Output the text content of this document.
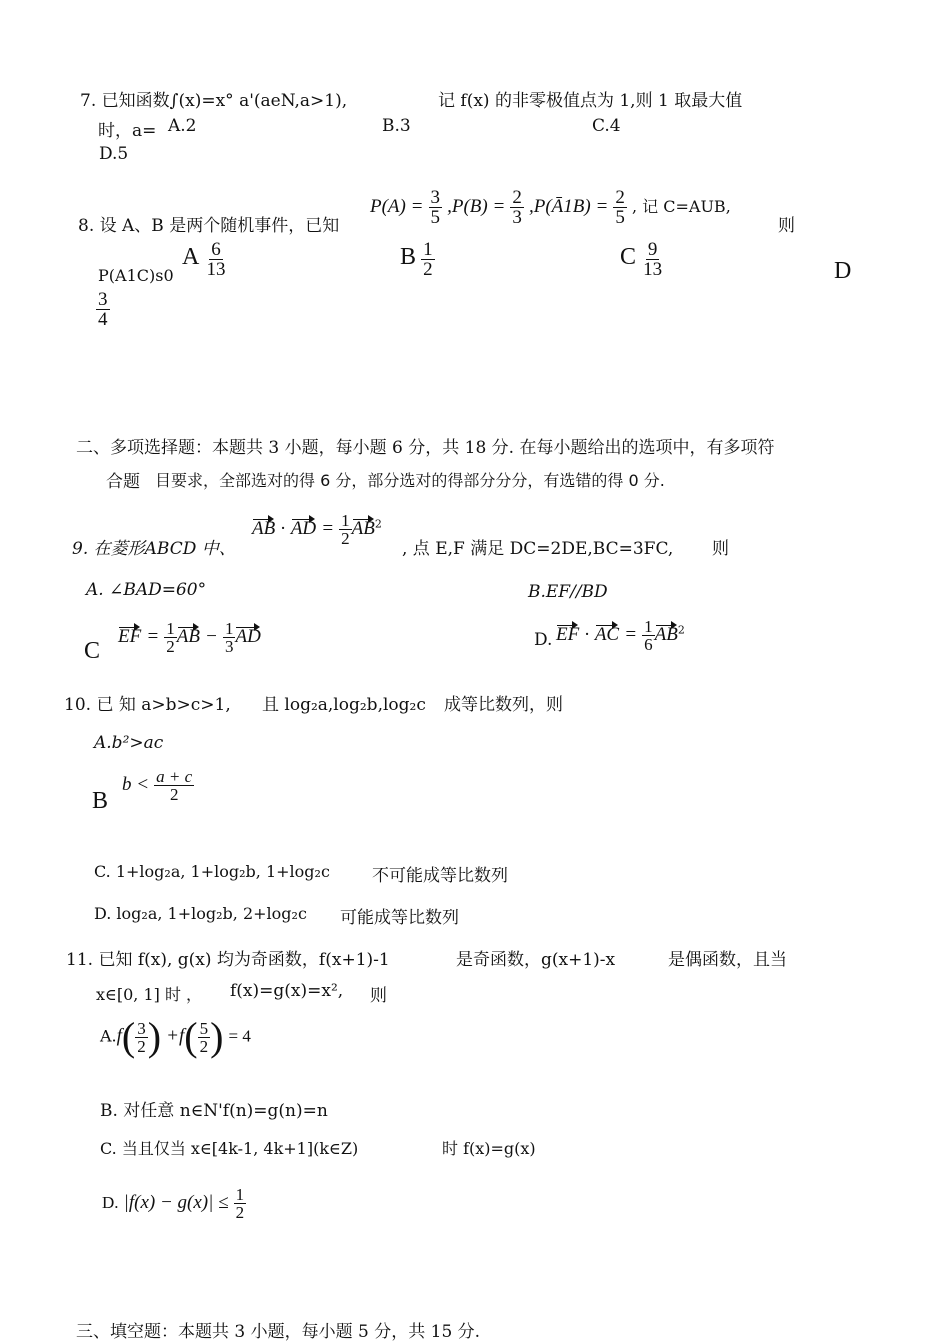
7. 已知函数∫(x)=x° a'(aeN,a>1),	记 f(x) 的非零极值点为 1,则 1 取最大值
时，a= A.2	B.3	C.4
D.5
8. 设 A、B 是两个随机事件，已知
$P(A) = \frac{3}{5} ,P(B) = \frac{2}{3}$ ,P(Ā1B) = $\frac{2}{5}$ , 记 C=AUB,
则
P(A1C)s0
A $\frac{6}{13}$	B $\frac{1}{2}$	C $\frac{9}{13}$	D
$\frac{3}{4}$
二、多项选择题：本题共 3 小题，每小题 6 分，共 18 分. 在每小题给出的选项中，有多项符
合题 目要求，全部选对的得 6 分，部分选对的得部分分分，有选错的得 0 分.
9. 在菱形ABCD 中、
AB · AD = $\frac{1}{2} AB^2$
, 点 E,F 满足 DC=2DE,BC=3FC, 则
A. ∠BAD=60°	B.EF//BD
C
EF = $\frac{1}{2}$ AB − $\frac{1}{3}$ AD	D. EF · AC = $\frac{1}{6} AB^2$
10. 已 知 a>b>c>1, 且 log₂a,log₂b,log₂c 成等比数列，则
A.b²>ac
B
$b < \frac{a + c}{2}$
C. 1+log₂a, 1+log₂b, 1+log₂c 不可能成等比数列
D. log₂a, 1+log₂b, 2+log₂c 可能成等比数列
11. 已知 f(x), g(x) 均为奇函数，f(x+1)-1	是奇函数，g(x+1)-x	是偶函数，且当
x∈[0, 1] 时 ， f(x)=g(x)=x², 则
$A.f( \frac{3}{2}$ ) $+f( \frac{5}{2}$ ) = 4
B. 对任意 n∈N'f(n)=g(n)=n
C. 当且仅当 x∈[4k-1, 4k+1](k∈Z)	时 f(x)=g(x)
D. $|f(x) - g(x)| \le \frac{1}{2}$
三、填空题：本题共 3 小题，每小题 5 分，共 15 分.
